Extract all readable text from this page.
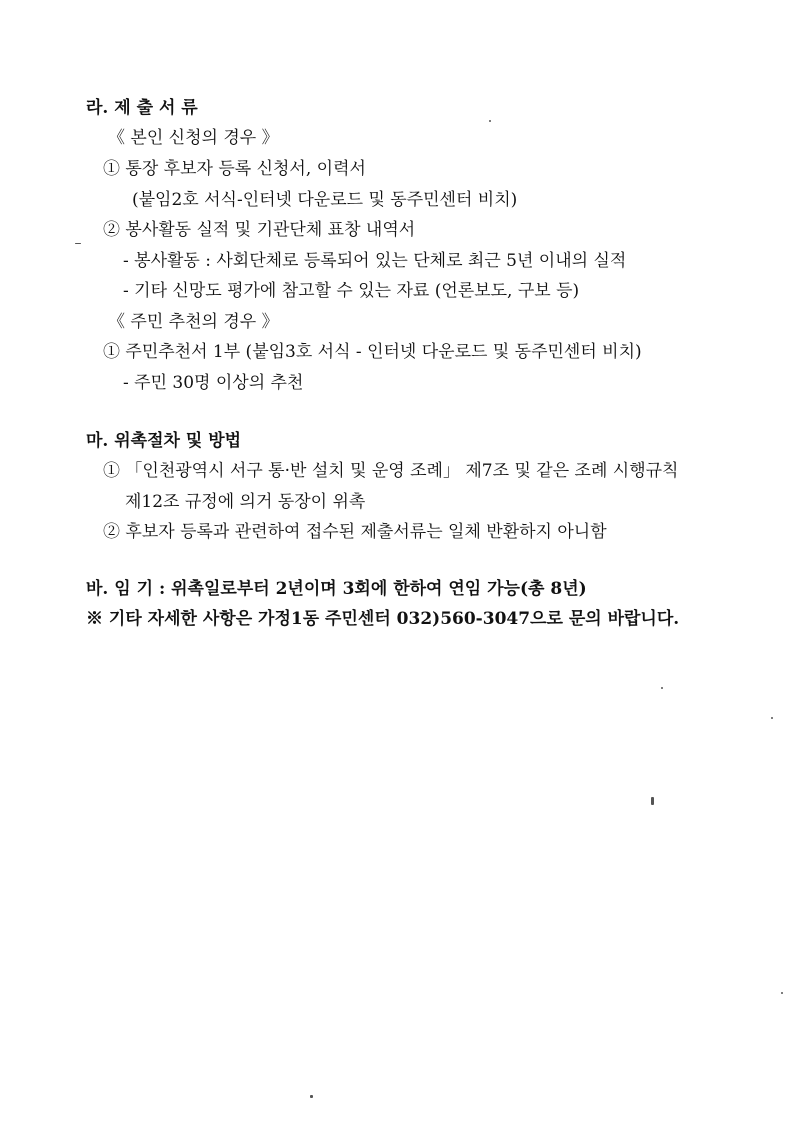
라. 제 출 서 류
《 본인 신청의 경우 》
① 통장 후보자 등록 신청서, 이력서
(붙임2호 서식-인터넷 다운로드 및 동주민센터 비치)
② 봉사활동 실적 및 기관단체 표창 내역서
- 봉사활동 : 사회단체로 등록되어 있는 단체로 최근 5년 이내의 실적
- 기타 신망도 평가에 참고할 수 있는 자료 (언론보도, 구보 등)
《 주민 추천의 경우 》
① 주민추천서 1부 (붙임3호 서식 - 인터넷 다운로드 및 동주민센터 비치)
- 주민 30명 이상의 추천
마. 위촉절차 및 방법
① 「인천광역시 서구 통·반 설치 및 운영 조례」 제7조 및 같은 조례 시행규칙
제12조 규정에 의거 동장이 위촉
② 후보자 등록과 관련하여 접수된 제출서류는 일체 반환하지 아니함
바. 임 기 : 위촉일로부터 2년이며 3회에 한하여 연임 가능(총 8년)
※ 기타 자세한 사항은 가정1동 주민센터 032)560-3047으로 문의 바랍니다.
